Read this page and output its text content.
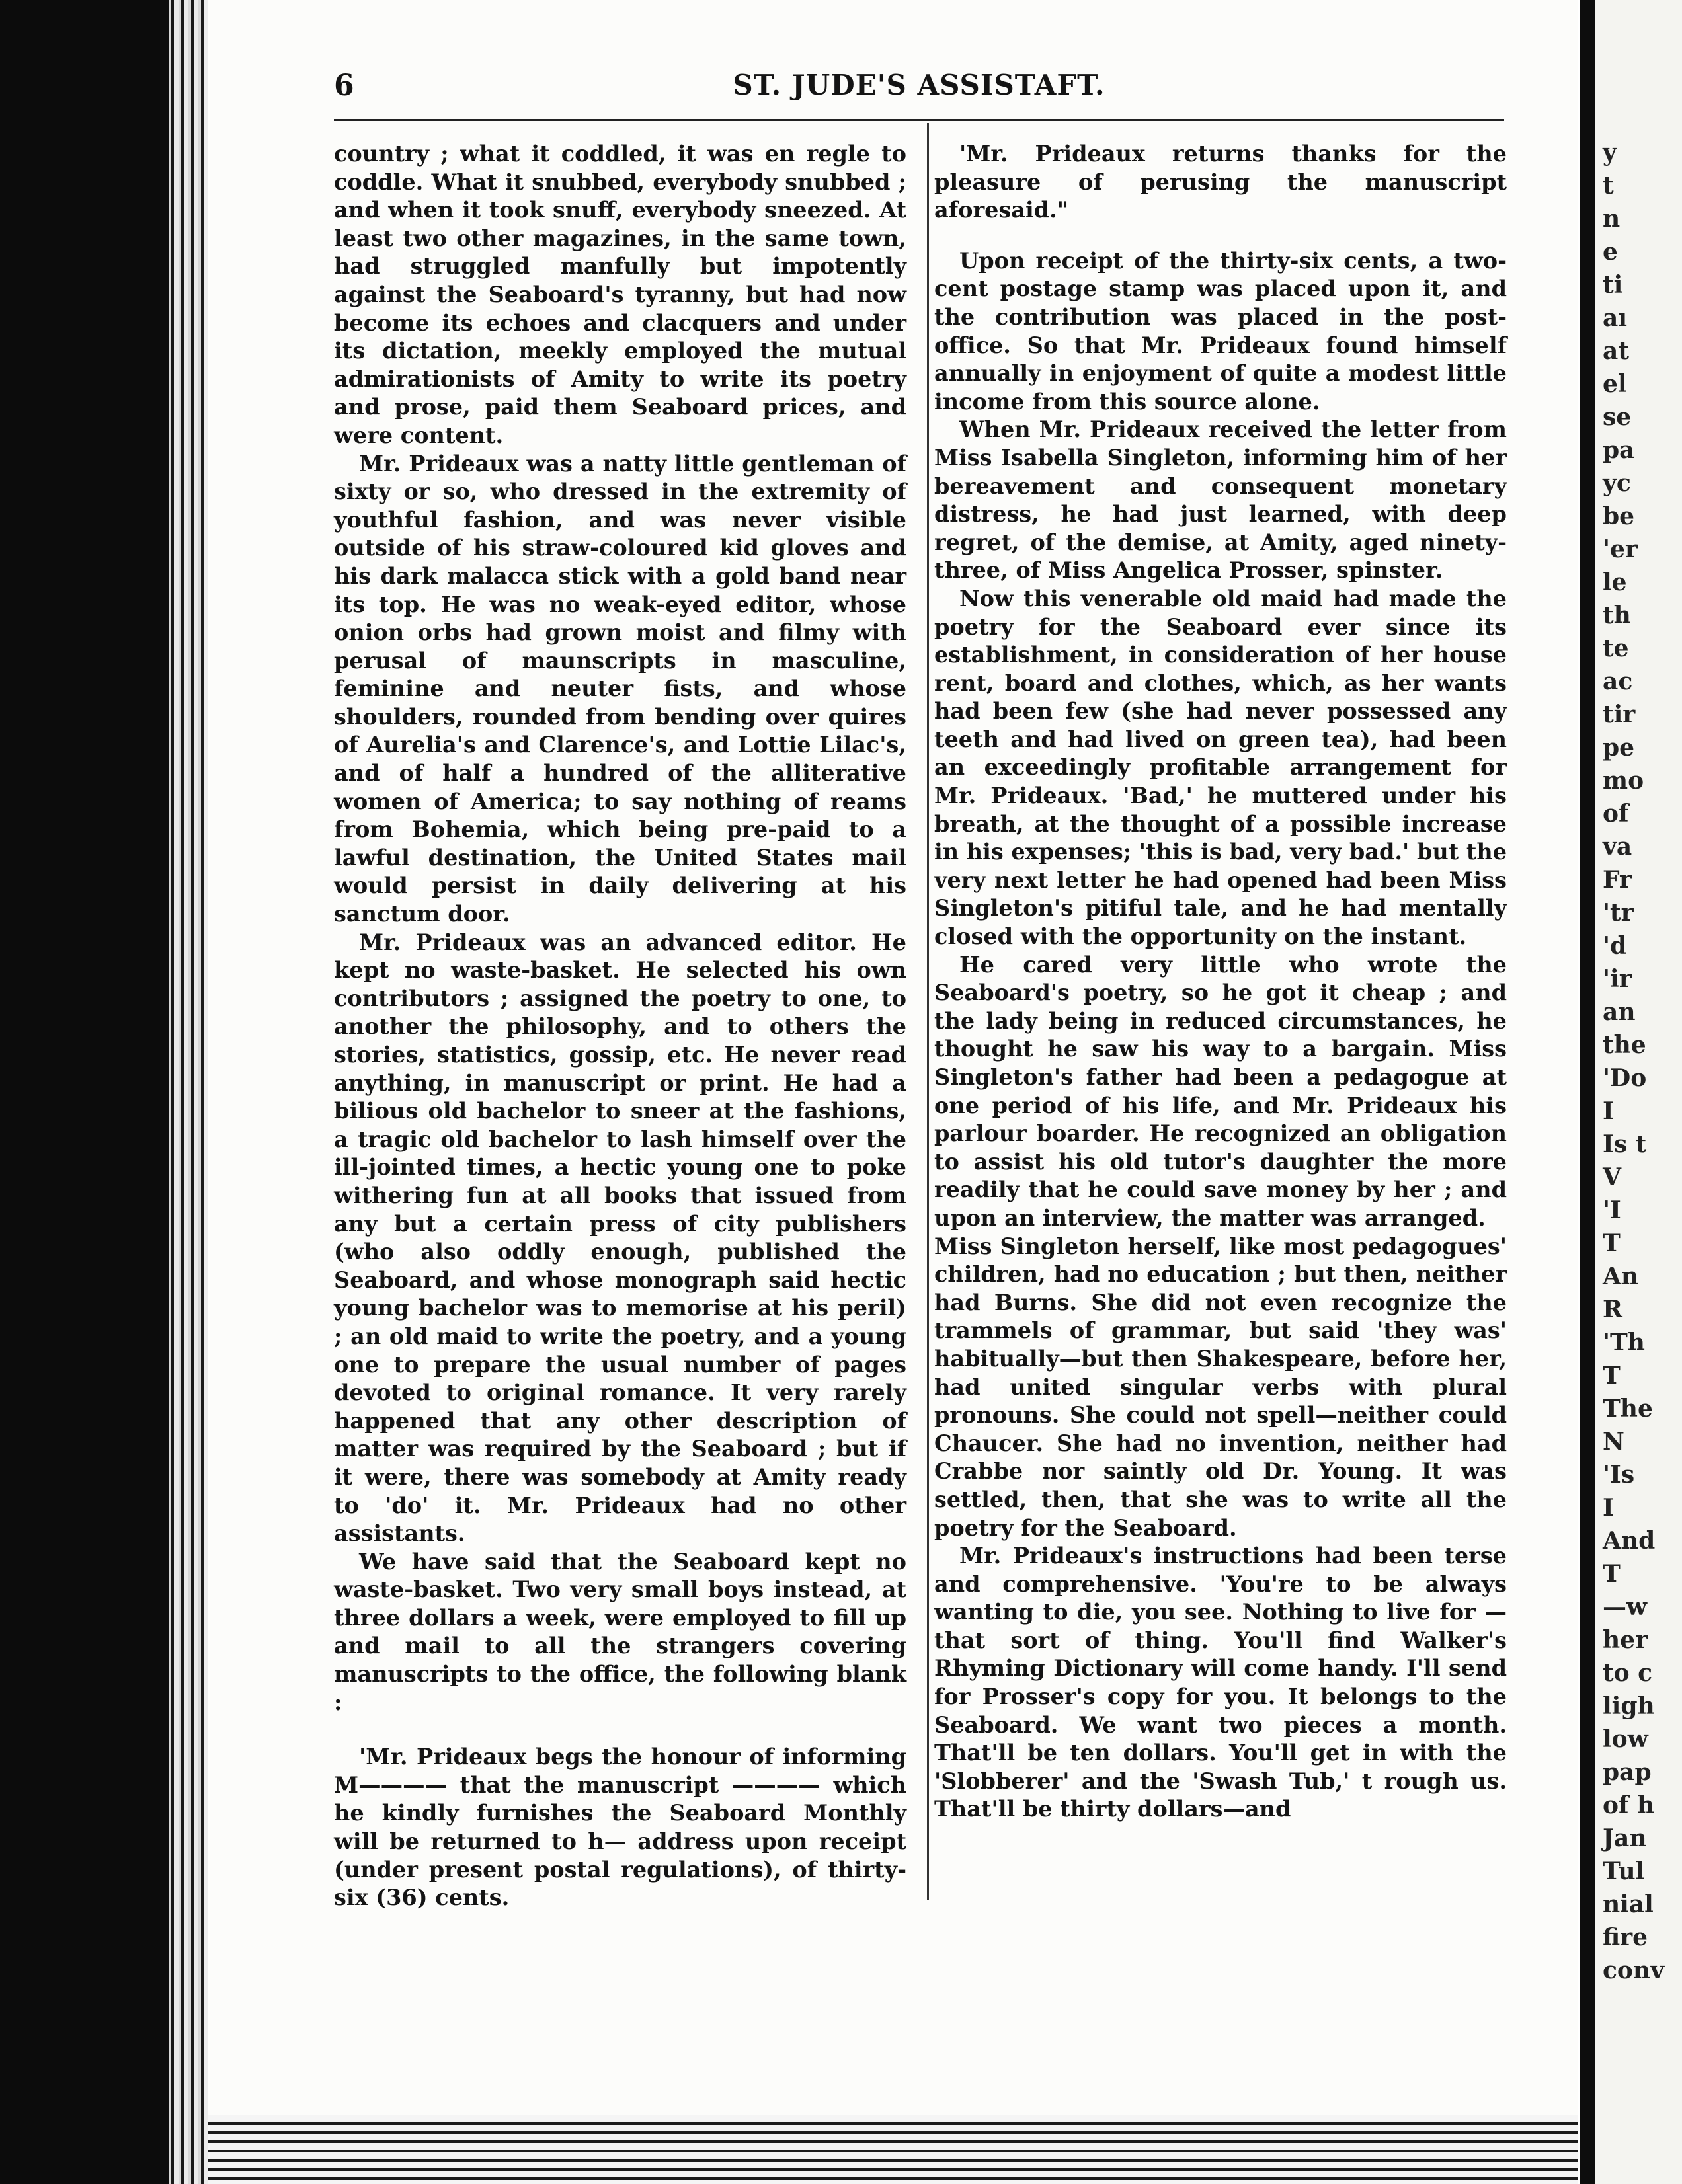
y
t
n
e
ti
aı
at
el
se
pa
yc
be
'er
le
th
te
ac
tir
pe
mo
of
va
Fr
'tr
'd
'ir
an
the
'Do
I
Is t
V
'I
T
An
R
'Th
T
The
N
'Is
I
And
T
—w
her
to c
ligh
low
pap
of h
Jan
Tul
nial
fire
conv
6	ST. JUDE'S ASSISTAFT.

country ; what it coddled, it was en regle to coddle. What it snubbed, everybody snubbed ; and when it took snuff, everybody sneezed. At least two other magazines, in the same town, had struggled manfully but impotently against the Seaboard's tyranny, but had now become its echoes and clacquers and under its dictation, meekly employed the mutual admirationists of Amity to write its poetry and prose, paid them Seaboard prices, and were content.

Mr. Prideaux was a natty little gentleman of sixty or so, who dressed in the extremity of youthful fashion, and was never visible outside of his straw-coloured kid gloves and his dark malacca stick with a gold band near its top. He was no weak-eyed editor, whose onion orbs had grown moist and filmy with perusal of maunscripts in masculine, feminine and neuter fists, and whose shoulders, rounded from bending over quires of Aurelia's and Clarence's, and Lottie Lilac's, and of half a hundred of the alliterative women of America; to say nothing of reams from Bohemia, which being pre-paid to a lawful destination, the United States mail would persist in daily delivering at his sanctum door.

Mr. Prideaux was an advanced editor. He kept no waste-basket. He selected his own contributors ; assigned the poetry to one, to another the philosophy, and to others the stories, statistics, gossip, etc. He never read anything, in manuscript or print. He had a bilious old bachelor to sneer at the fashions, a tragic old bachelor to lash himself over the ill-jointed times, a hectic young one to poke withering fun at all books that issued from any but a certain press of city publishers (who also oddly enough, published the Seaboard, and whose monograph said hectic young bachelor was to memorise at his peril) ; an old maid to write the poetry, and a young one to prepare the usual number of pages devoted to original romance. It very rarely happened that any other description of matter was required by the Seaboard ; but if it were, there was somebody at Amity ready to 'do' it. Mr. Prideaux had no other assistants.

We have said that the Seaboard kept no waste-basket. Two very small boys instead, at three dollars a week, were employed to fill up and mail to all the strangers covering manuscripts to the office, the following blank :

'Mr. Prideaux begs the honour of informing M———— that the manuscript ———— which he kindly furnishes the Seaboard Monthly will be returned to h— address upon receipt (under present postal regulations), of thirty-six (36) cents.

'Mr. Prideaux returns thanks for the pleasure of perusing the manuscript aforesaid."

Upon receipt of the thirty-six cents, a two-cent postage stamp was placed upon it, and the contribution was placed in the post-office. So that Mr. Prideaux found himself annually in enjoyment of quite a modest little income from this source alone.

When Mr. Prideaux received the letter from Miss Isabella Singleton, informing him of her bereavement and consequent monetary distress, he had just learned, with deep regret, of the demise, at Amity, aged ninety-three, of Miss Angelica Prosser, spinster.

Now this venerable old maid had made the poetry for the Seaboard ever since its establishment, in consideration of her house rent, board and clothes, which, as her wants had been few (she had never possessed any teeth and had lived on green tea), had been an exceedingly profitable arrangement for Mr. Prideaux. 'Bad,' he muttered under his breath, at the thought of a possible increase in his expenses; 'this is bad, very bad.' but the very next letter he had opened had been Miss Singleton's pitiful tale, and he had mentally closed with the opportunity on the instant.

He cared very little who wrote the Seaboard's poetry, so he got it cheap ; and the lady being in reduced circumstances, he thought he saw his way to a bargain. Miss Singleton's father had been a pedagogue at one period of his life, and Mr. Prideaux his parlour boarder. He recognized an obligation to assist his old tutor's daughter the more readily that he could save money by her ; and upon an interview, the matter was arranged.

Miss Singleton herself, like most pedagogues' children, had no education ; but then, neither had Burns. She did not even recognize the trammels of grammar, but said 'they was' habitually—but then Shakespeare, before her, had united singular verbs with plural pronouns. She could not spell—neither could Chaucer. She had no invention, neither had Crabbe nor saintly old Dr. Young. It was settled, then, that she was to write all the poetry for the Seaboard.

Mr. Prideaux's instructions had been terse and comprehensive. 'You're to be always wanting to die, you see. Nothing to live for —that sort of thing. You'll find Walker's Rhyming Dictionary will come handy. I'll send for Prosser's copy for you. It belongs to the Seaboard. We want two pieces a month. That'll be ten dollars. You'll get in with the 'Slobberer' and the 'Swash Tub,' t rough us. That'll be thirty dollars—and
